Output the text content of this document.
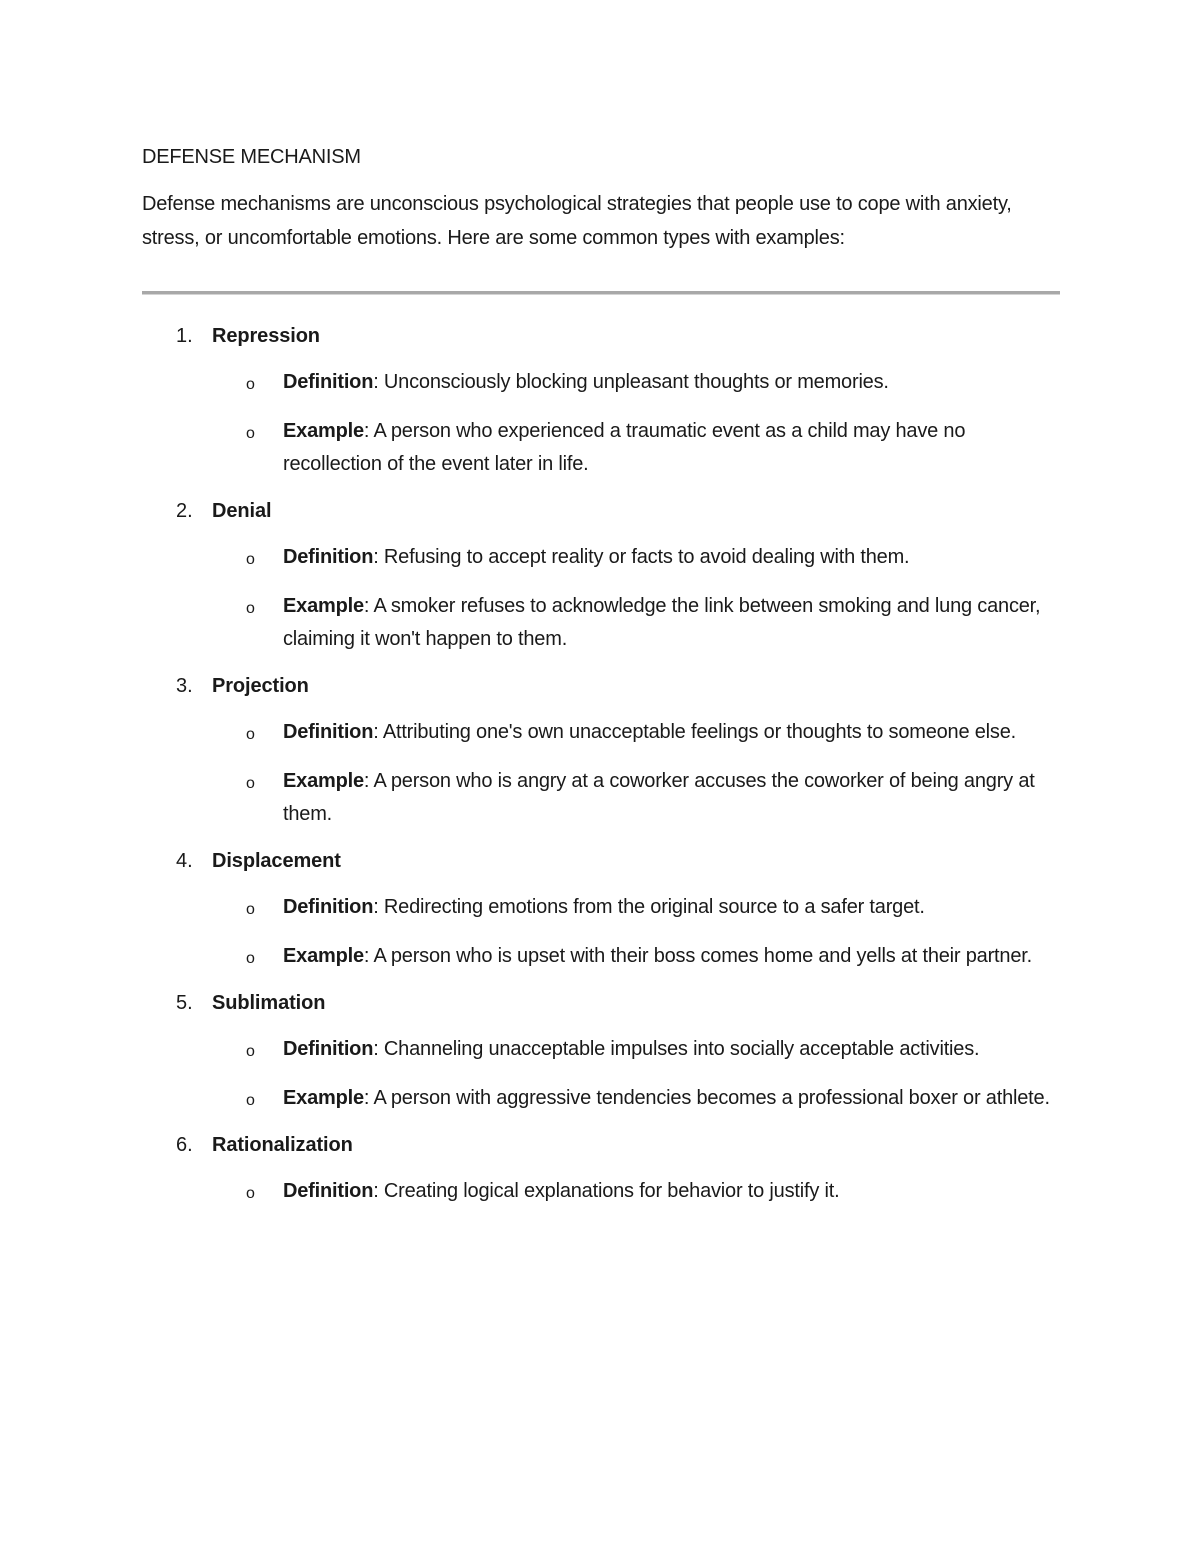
DEFENSE MECHANISM

Defense mechanisms are unconscious psychological strategies that people use to cope with anxiety, stress, or uncomfortable emotions. Here are some common types with examples:

1. Repression
o Definition: Unconsciously blocking unpleasant thoughts or memories.
o Example: A person who experienced a traumatic event as a child may have no recollection of the event later in life.
2. Denial
o Definition: Refusing to accept reality or facts to avoid dealing with them.
o Example: A smoker refuses to acknowledge the link between smoking and lung cancer, claiming it won't happen to them.
3. Projection
o Definition: Attributing one's own unacceptable feelings or thoughts to someone else.
o Example: A person who is angry at a coworker accuses the coworker of being angry at them.
4. Displacement
o Definition: Redirecting emotions from the original source to a safer target.
o Example: A person who is upset with their boss comes home and yells at their partner.
5. Sublimation
o Definition: Channeling unacceptable impulses into socially acceptable activities.
o Example: A person with aggressive tendencies becomes a professional boxer or athlete.
6. Rationalization
o Definition: Creating logical explanations for behavior to justify it.
